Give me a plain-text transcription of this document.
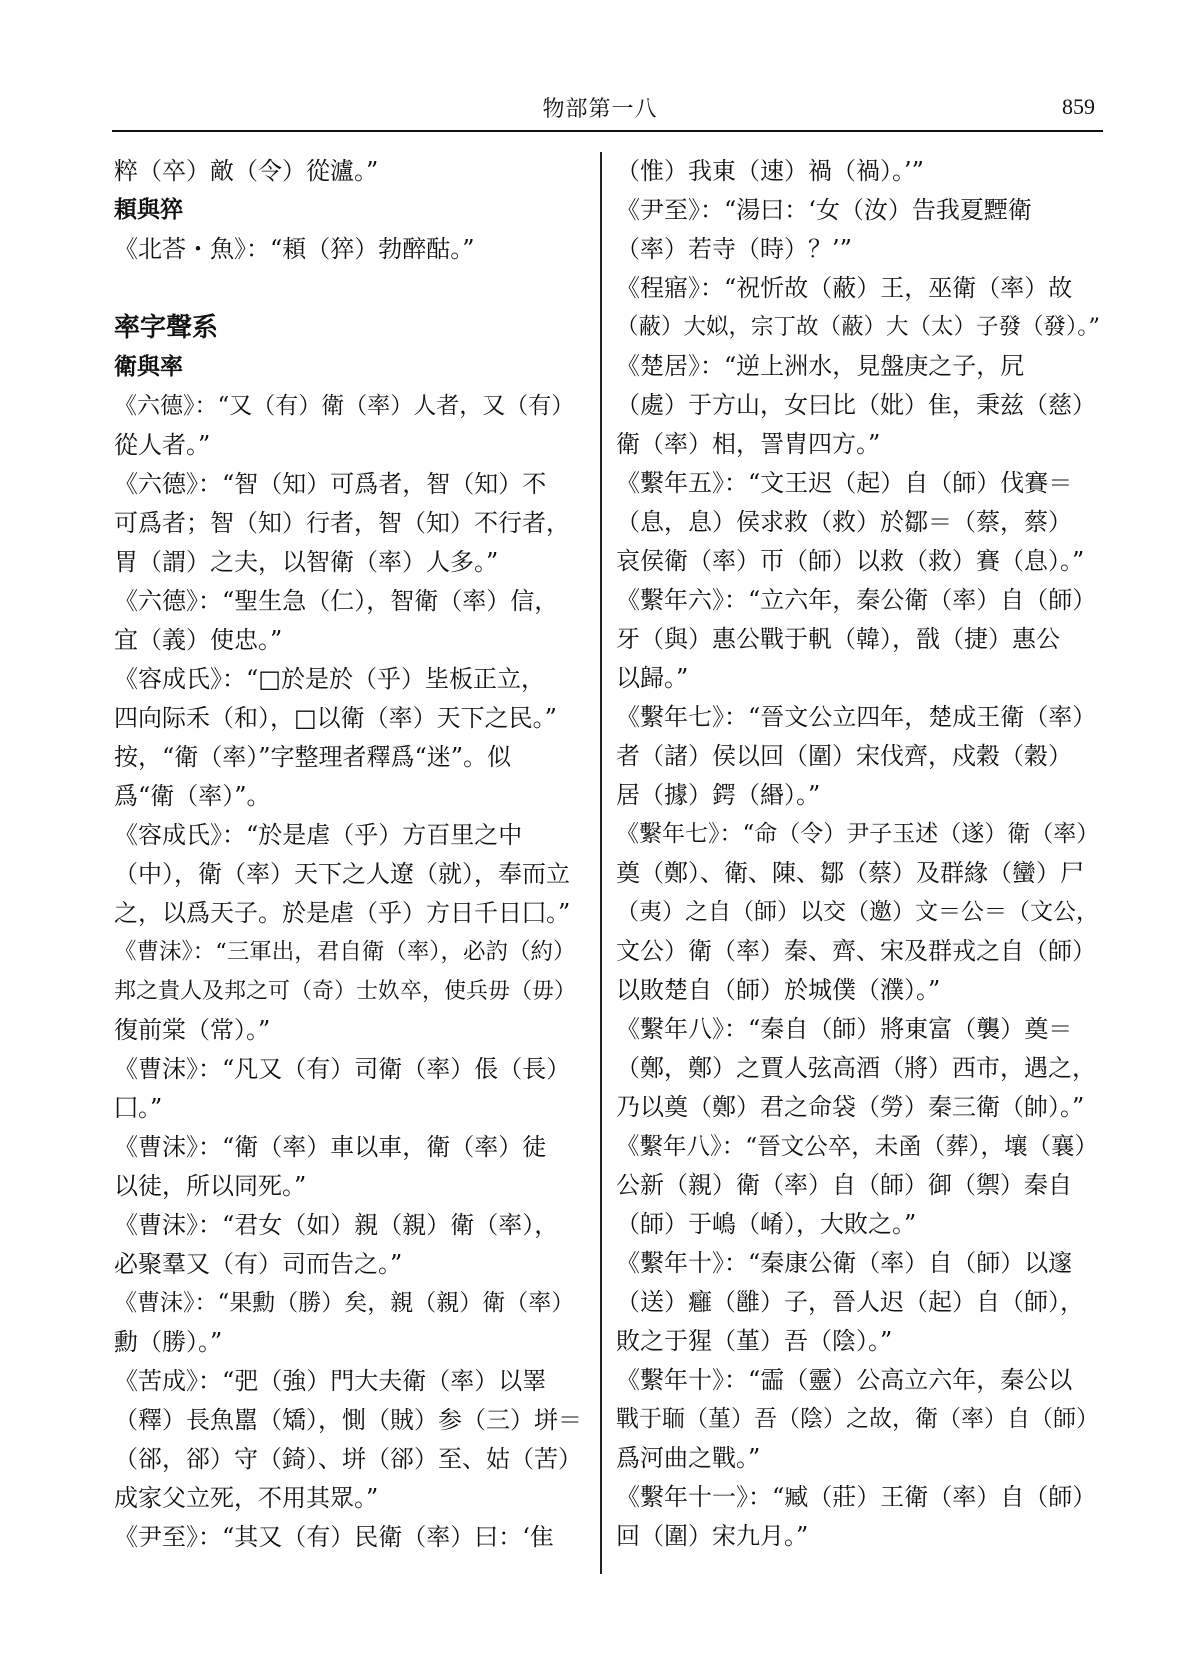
物部第一八	859
粹（卒）敵（令）從瀘。”
頛與猝
《北荅・魚》：“頛（猝）勃醉酤。”
率字聲系
衛與率
《六德》：“又（有）衛（率）人者，又（有）
從人者。”
《六德》：“智（知）可爲者，智（知）不
可爲者；智（知）行者，智（知）不行者，
胃（謂）之夫，以智衛（率）人多。”
《六德》：“聖生急（仁），智衛（率）信，
宜（義）使忠。”
《容成氏》：“□於是於（乎）坒板正立，
四向际禾（和），□以衛（率）天下之民。”
按，“衛（率）”字整理者釋爲“迷”。似
爲“衛（率）”。
《容成氏》：“於是虐（乎）方百里之中
（中），衛（率）天下之人遼（就），奉而立
之，以爲天子。於是虐（乎）方日千日囗。”
《曹沫》：“三軍出，君自衛（率），必訋（約）
邦之貴人及邦之可（奇）士奺卒，使兵毋（毋）
復前棠（常）。”
《曹沫》：“凡又（有）司衛（率）倀（長）
囗。”
《曹沫》：“衛（率）車以車，衛（率）徒
以徒，所以同死。”
《曹沫》：“君女（如）親（親）衛（率），
必聚羣又（有）司而告之。”
《曹沫》：“果勳（勝）矣，親（親）衛（率）
勳（勝）。”
《苦成》：“弝（強）門大夫衛（率）以睪
（釋）長魚嚚（矯），惻（賊）参（三）垪＝
（郤，郤）守（錡）、垪（郤）至、姑（苦）
成家父立死，不用其眾。”
《尹至》：“其又（有）民衛（率）曰：‘隹
（惟）我東（速）禍（禍）。’”
《尹至》：“湯曰：‘女（汝）告我夏黫衛
（率）若寺（時）？’”
《程寤》：“祝忻故（蔽）王，巫衛（率）故
（蔽）大姒，宗丁故（蔽）大（太）子發（發）。”
《楚居》：“逆上洲水，見盤庚之子，凥
（處）于方山，女曰比（妣）隹，秉兹（慈）
衛（率）相，詈胄四方。”
《繫年五》：“文王迟（起）自（師）伐賽＝
（息，息）侯求救（救）於鄒＝（蔡，蔡）
哀侯衛（率）帀（師）以救（救）賽（息）。”
《繫年六》：“立六年，秦公衛（率）自（師）
牙（與）惠公戰于軓（韓），戩（捷）惠公
以歸。”
《繫年七》：“晉文公立四年，楚成王衛（率）
者（諸）侯以回（圍）宋伐齊，戍穀（穀）
居（據）鍔（緡）。”
《繫年七》：“命（令）尹子玉述（遂）衛（率）
奠（鄭）、衛、陳、鄒（蔡）及群緣（蠻）尸
（夷）之自（師）以交（邀）文＝公＝（文公，
文公）衛（率）秦、齊、宋及群戎之自（師）
以敗楚自（師）於城僕（濮）。”
《繫年八》：“秦自（師）將東富（襲）奠＝
（鄭，鄭）之賈人弦高酒（將）西市，遇之，
乃以奠（鄭）君之命袋（勞）秦三衛（帥）。”
《繫年八》：“晉文公卒，未圅（葬），壤（襄）
公新（親）衛（率）自（師）御（禦）秦自
（師）于嶋（崤），大敗之。”
《繫年十》：“秦康公衛（率）自（師）以邃
（送）癰（雝）子，晉人迟（起）自（師），
敗之于猩（堇）吾（陰）。”
《繫年十》：“霝（靈）公高立六年，秦公以
戰于聏（堇）吾（陰）之故，衛（率）自（師）
爲河曲之戰。”
《繫年十一》：“臧（莊）王衛（率）自（師）
回（圍）宋九月。”
